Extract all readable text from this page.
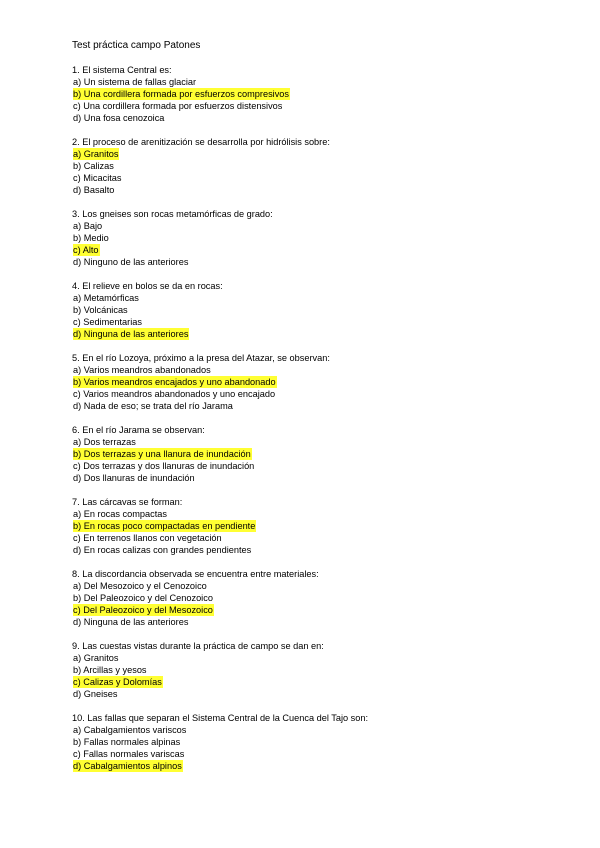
Test práctica campo Patones
1. El sistema Central es:
a) Un sistema de fallas glaciar
b) Una cordillera formada por esfuerzos compresivos
c) Una cordillera formada por esfuerzos distensivos
d) Una fosa cenozoica
2. El proceso de arenitización se desarrolla por hidrólisis sobre:
a) Granitos
b) Calizas
c) Micacitas
d) Basalto
3. Los gneises son rocas metamórficas de grado:
a) Bajo
b) Medio
c) Alto
d) Ninguno de las anteriores
4. El relieve en bolos se da en rocas:
a) Metamórficas
b) Volcánicas
c) Sedimentarias
d) Ninguna de las anteriores
5. En el río Lozoya, próximo a la presa del Atazar, se observan:
a) Varios meandros abandonados
b) Varios meandros encajados y uno abandonado
c) Varios meandros abandonados y uno encajado
d) Nada de eso; se trata del río Jarama
6. En el río Jarama se observan:
a) Dos terrazas
b) Dos terrazas y una llanura de inundación
c) Dos terrazas y dos llanuras de inundación
d) Dos llanuras de inundación
7. Las cárcavas se forman:
a) En rocas compactas
b) En rocas poco compactadas en pendiente
c) En terrenos llanos con vegetación
d) En rocas calizas con grandes pendientes
8. La discordancia observada se encuentra entre materiales:
a) Del Mesozoico y el Cenozoico
b) Del Paleozoico y del Cenozoico
c) Del Paleozoico y del Mesozoico
d) Ninguna de las anteriores
9. Las cuestas vistas durante la práctica de campo se dan en:
a) Granitos
b) Arcillas y yesos
c) Calizas y Dolomías
d) Gneises
10. Las fallas que separan el Sistema Central de la Cuenca del Tajo son:
a) Cabalgamientos variscos
b) Fallas normales alpinas
c) Fallas normales variscas
d) Cabalgamientos alpinos
